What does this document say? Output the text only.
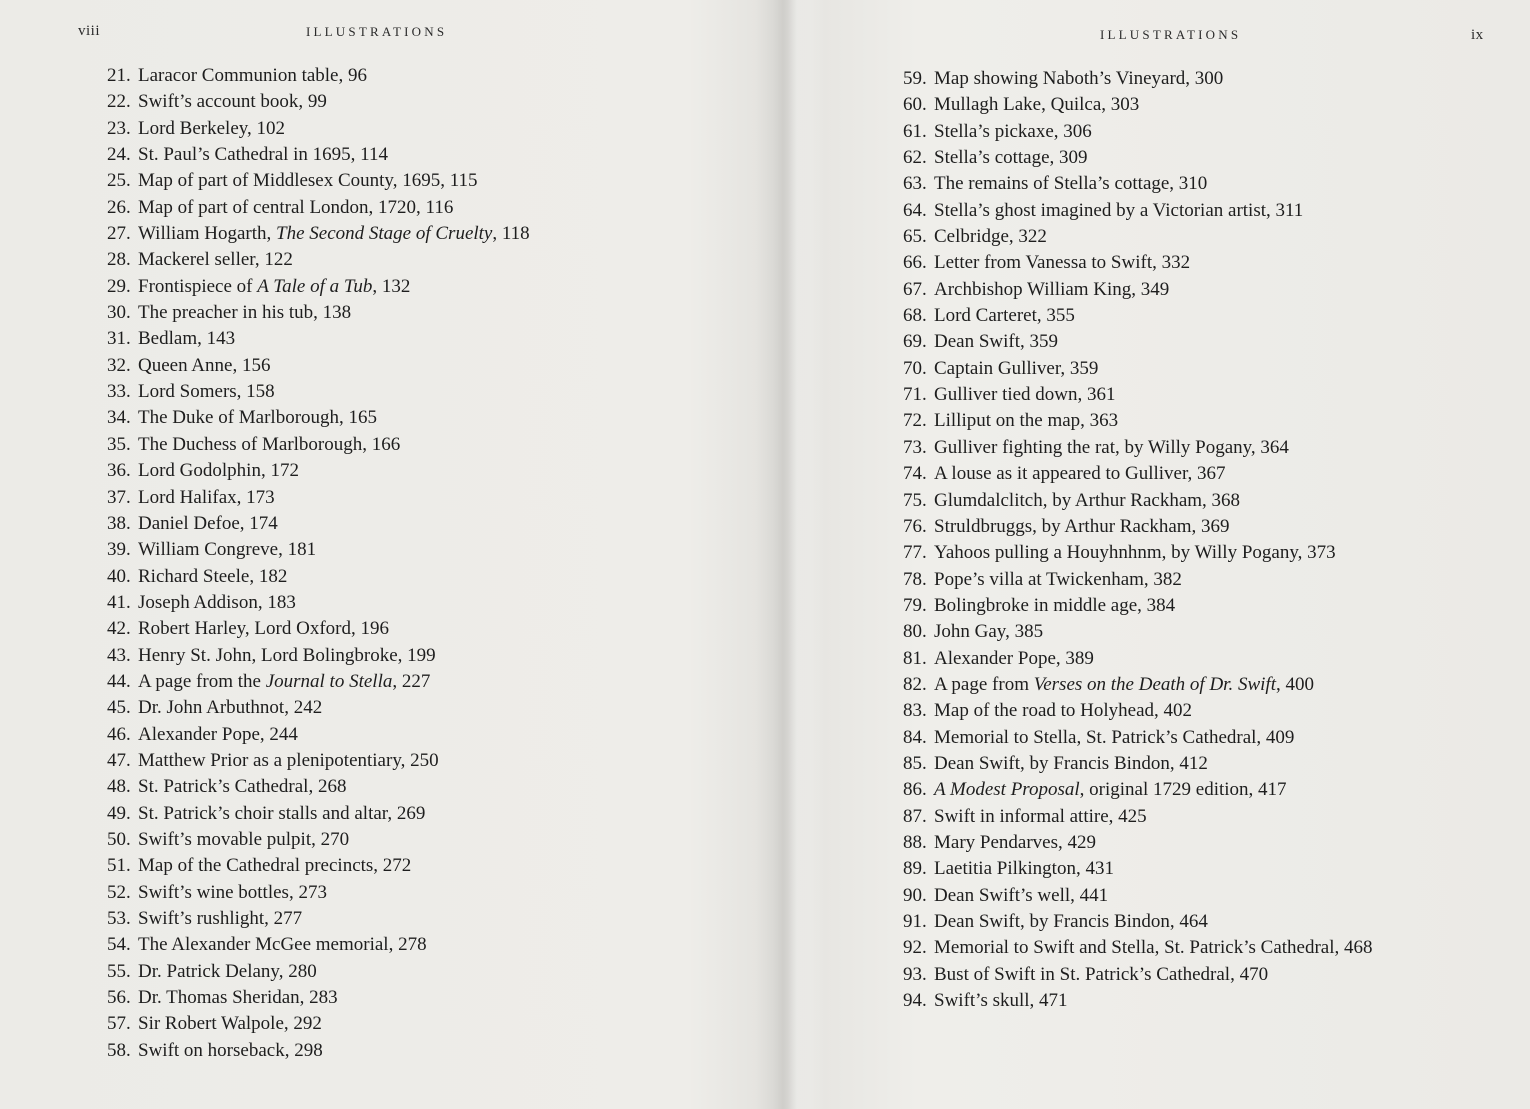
viii	ILLUSTRATIONS
21. Laracor Communion table, 96
22. Swift’s account book, 99
23. Lord Berkeley, 102
24. St. Paul’s Cathedral in 1695, 114
25. Map of part of Middlesex County, 1695, 115
26. Map of part of central London, 1720, 116
27. William Hogarth, The Second Stage of Cruelty, 118
28. Mackerel seller, 122
29. Frontispiece of A Tale of a Tub, 132
30. The preacher in his tub, 138
31. Bedlam, 143
32. Queen Anne, 156
33. Lord Somers, 158
34. The Duke of Marlborough, 165
35. The Duchess of Marlborough, 166
36. Lord Godolphin, 172
37. Lord Halifax, 173
38. Daniel Defoe, 174
39. William Congreve, 181
40. Richard Steele, 182
41. Joseph Addison, 183
42. Robert Harley, Lord Oxford, 196
43. Henry St. John, Lord Bolingbroke, 199
44. A page from the Journal to Stella, 227
45. Dr. John Arbuthnot, 242
46. Alexander Pope, 244
47. Matthew Prior as a plenipotentiary, 250
48. St. Patrick’s Cathedral, 268
49. St. Patrick’s choir stalls and altar, 269
50. Swift’s movable pulpit, 270
51. Map of the Cathedral precincts, 272
52. Swift’s wine bottles, 273
53. Swift’s rushlight, 277
54. The Alexander McGee memorial, 278
55. Dr. Patrick Delany, 280
56. Dr. Thomas Sheridan, 283
57. Sir Robert Walpole, 292
58. Swift on horseback, 298
ILLUSTRATIONS	ix
59. Map showing Naboth’s Vineyard, 300
60. Mullagh Lake, Quilca, 303
61. Stella’s pickaxe, 306
62. Stella’s cottage, 309
63. The remains of Stella’s cottage, 310
64. Stella’s ghost imagined by a Victorian artist, 311
65. Celbridge, 322
66. Letter from Vanessa to Swift, 332
67. Archbishop William King, 349
68. Lord Carteret, 355
69. Dean Swift, 359
70. Captain Gulliver, 359
71. Gulliver tied down, 361
72. Lilliput on the map, 363
73. Gulliver fighting the rat, by Willy Pogany, 364
74. A louse as it appeared to Gulliver, 367
75. Glumdalclitch, by Arthur Rackham, 368
76. Struldbruggs, by Arthur Rackham, 369
77. Yahoos pulling a Houyhnhnm, by Willy Pogany, 373
78. Pope’s villa at Twickenham, 382
79. Bolingbroke in middle age, 384
80. John Gay, 385
81. Alexander Pope, 389
82. A page from Verses on the Death of Dr. Swift, 400
83. Map of the road to Holyhead, 402
84. Memorial to Stella, St. Patrick’s Cathedral, 409
85. Dean Swift, by Francis Bindon, 412
86. A Modest Proposal, original 1729 edition, 417
87. Swift in informal attire, 425
88. Mary Pendarves, 429
89. Laetitia Pilkington, 431
90. Dean Swift’s well, 441
91. Dean Swift, by Francis Bindon, 464
92. Memorial to Swift and Stella, St. Patrick’s Cathedral, 468
93. Bust of Swift in St. Patrick’s Cathedral, 470
94. Swift’s skull, 471
